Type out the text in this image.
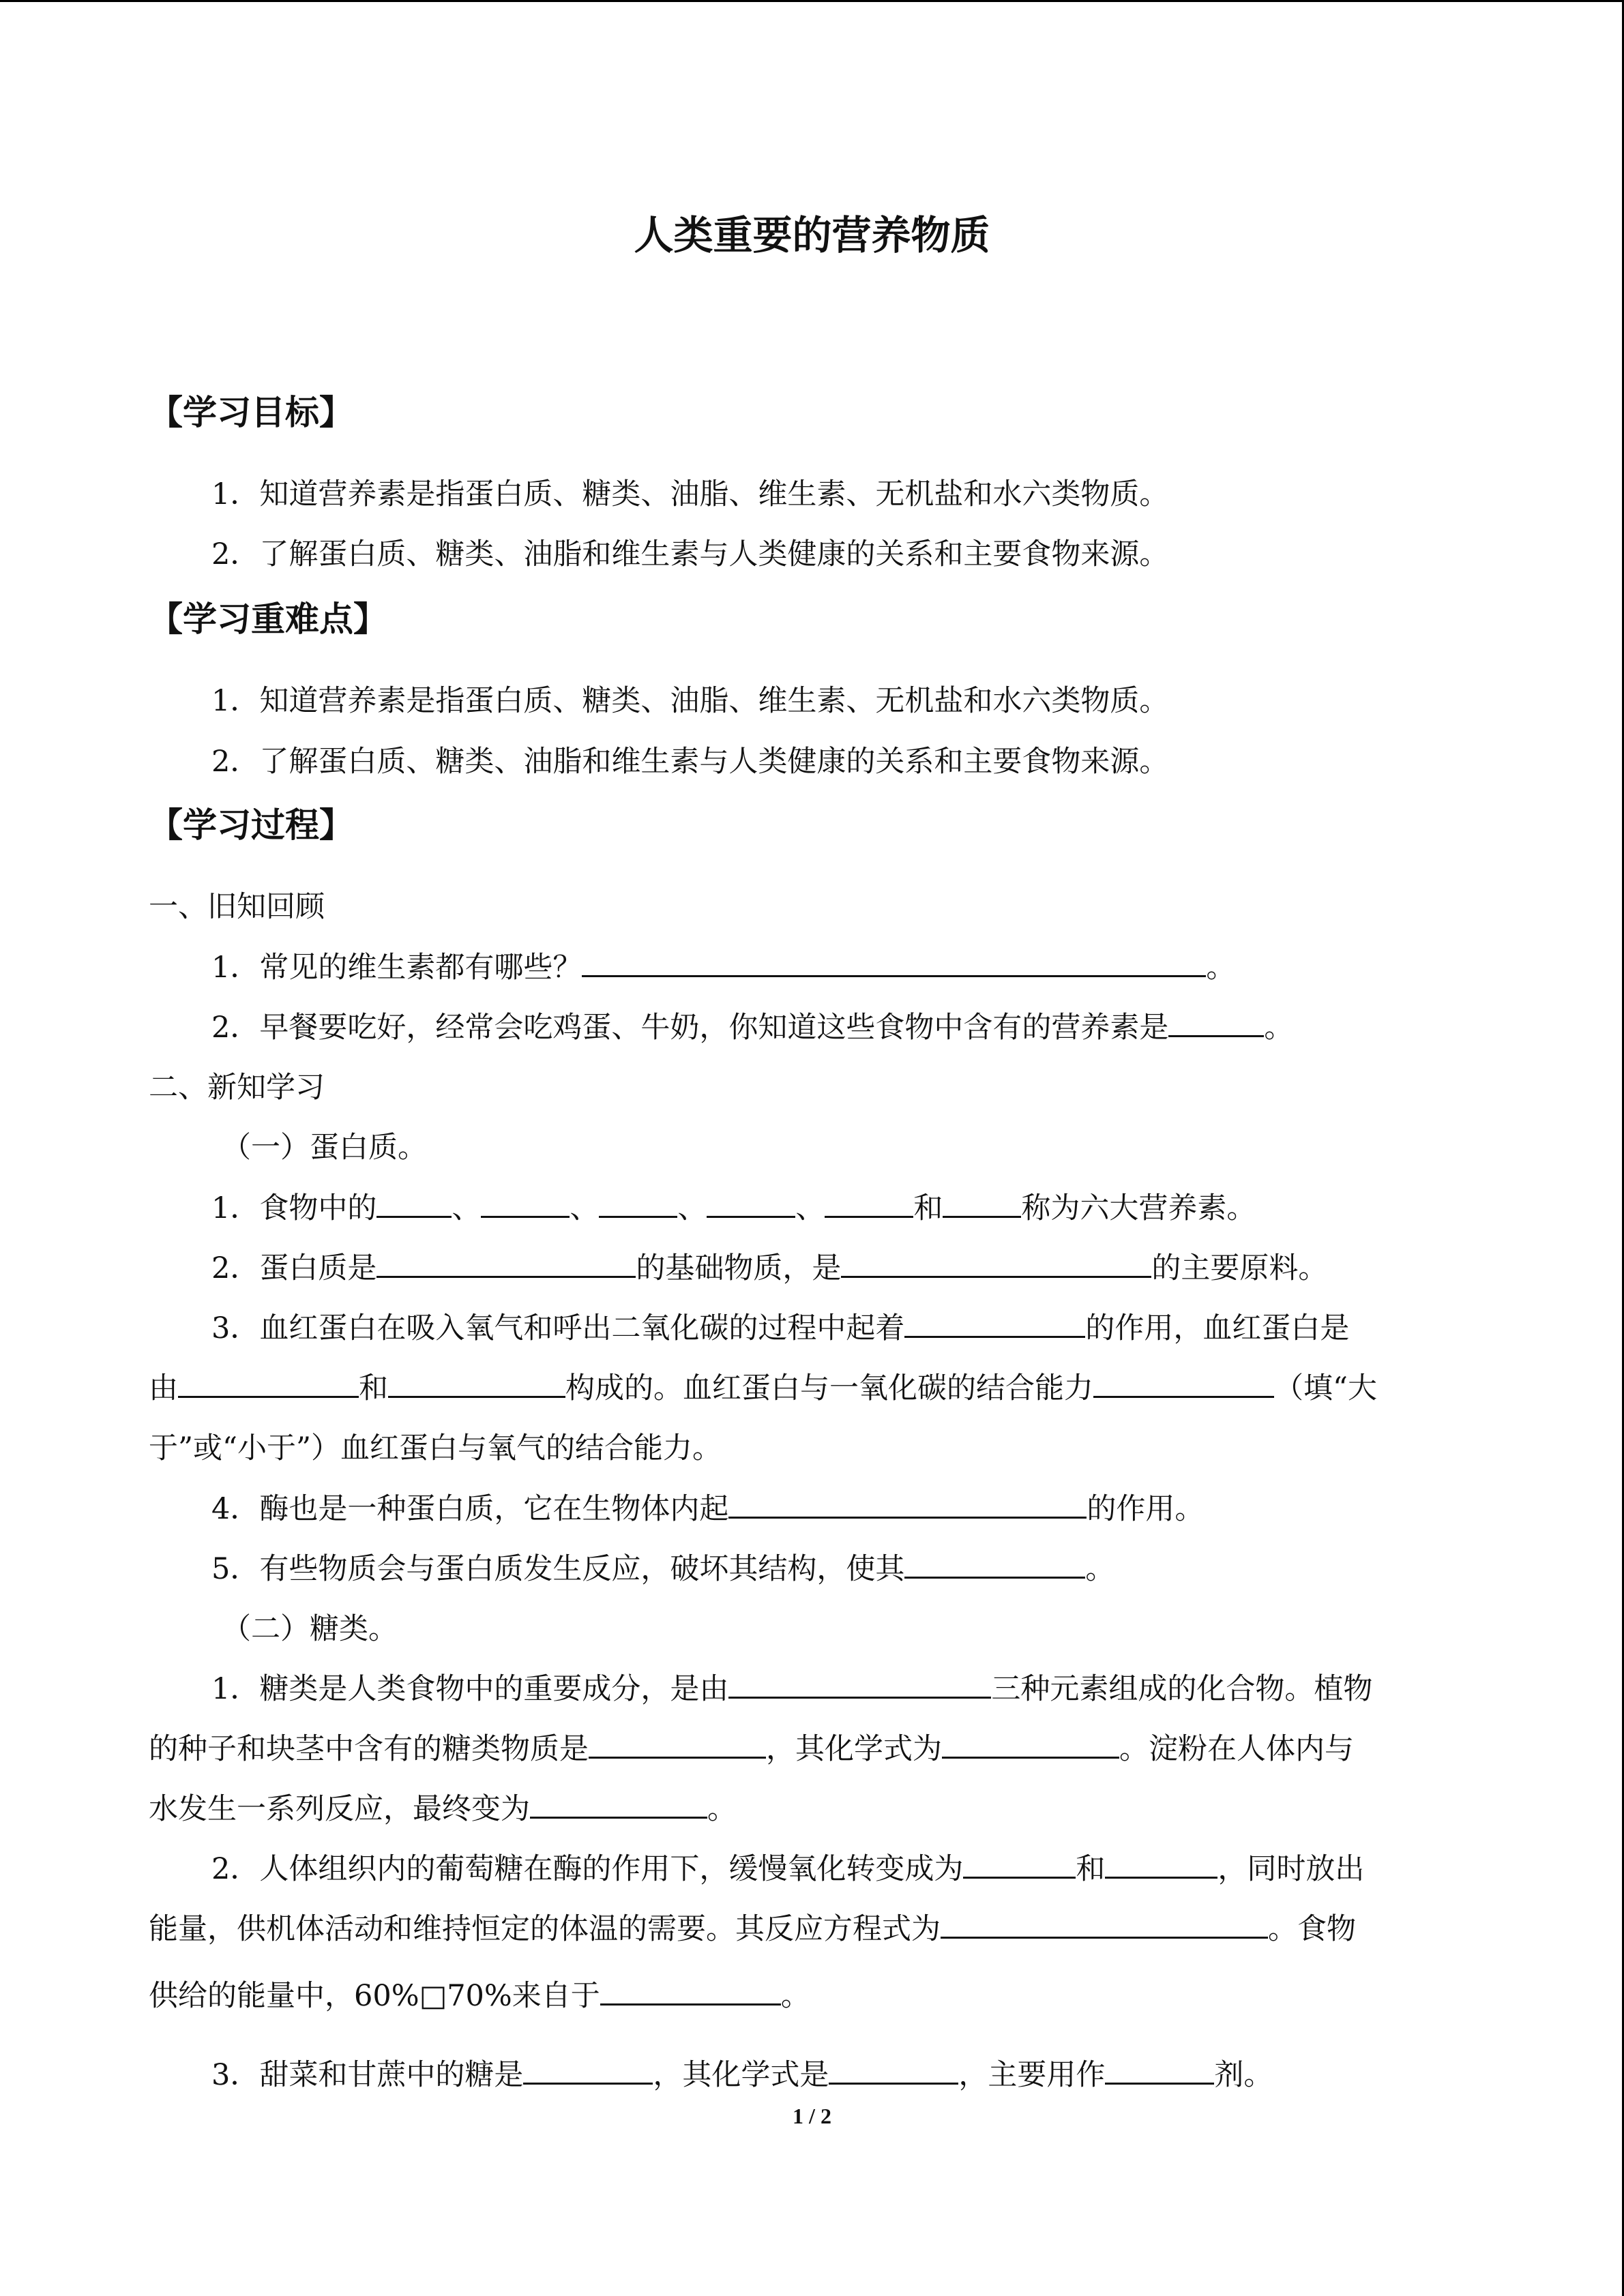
人类重要的营养物质
【学习目标】
1．知道营养素是指蛋白质、糖类、油脂、维生素、无机盐和水六类物质。
2．了解蛋白质、糖类、油脂和维生素与人类健康的关系和主要食物来源。
【学习重难点】
1．知道营养素是指蛋白质、糖类、油脂、维生素、无机盐和水六类物质。
2．了解蛋白质、糖类、油脂和维生素与人类健康的关系和主要食物来源。
【学习过程】
一、旧知回顾
1．常见的维生素都有哪些？	。
2．早餐要吃好，经常会吃鸡蛋、牛奶，你知道这些食物中含有的营养素是	。
二、新知学习
（一）蛋白质。
1．食物中的	、	、	、	、	和	称为六大营养素。
2．蛋白质是	的基础物质，是	的主要原料。
3．血红蛋白在吸入氧气和呼出二氧化碳的过程中起着	的作用，血红蛋白是
由	和	构成的。血红蛋白与一氧化碳的结合能力	（填“大
于”或“小于”）血红蛋白与氧气的结合能力。
4．酶也是一种蛋白质，它在生物体内起	的作用。
5．有些物质会与蛋白质发生反应，破坏其结构，使其	。
（二）糖类。
1．糖类是人类食物中的重要成分，是由	三种元素组成的化合物。植物
的种子和块茎中含有的糖类物质是	，其化学式为	。淀粉在人体内与
水发生一系列反应，最终变为	。
2．人体组织内的葡萄糖在酶的作用下，缓慢氧化转变成为	和	，同时放出
能量，供机体活动和维持恒定的体温的需要。其反应方程式为	。食物
供给的能量中，60%□70%来自于	。
3．甜菜和甘蔗中的糖是	，其化学式是	，主要用作	剂。
1 / 2
